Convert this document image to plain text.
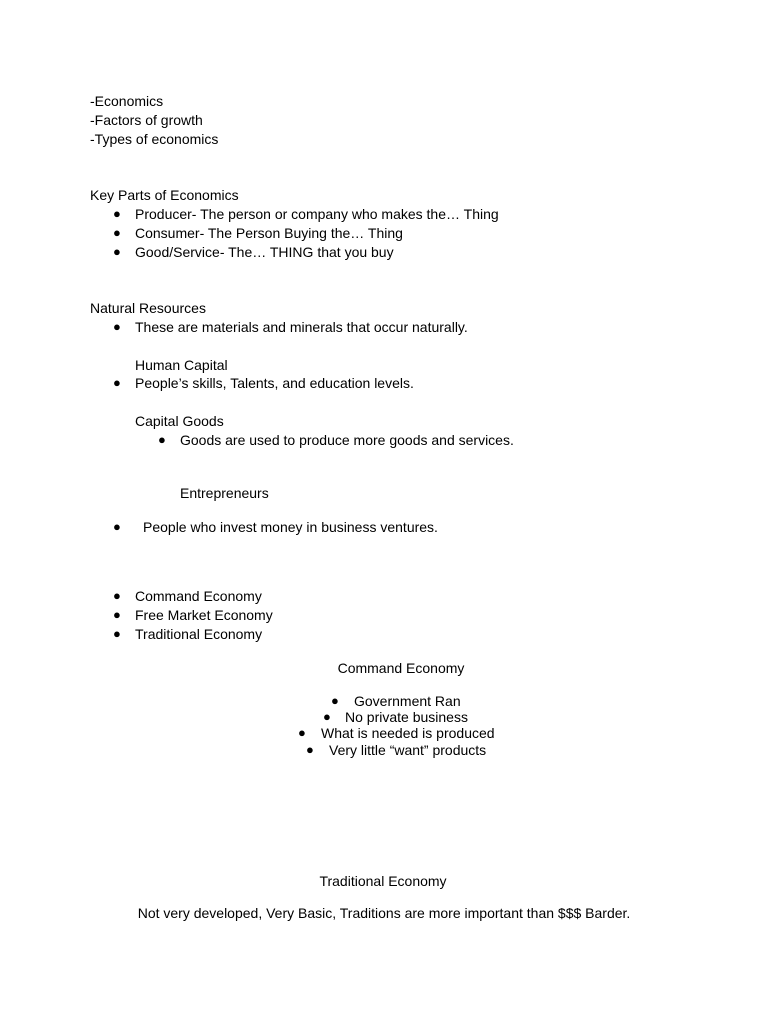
-Economics
-Factors of growth
-Types of economics
Key Parts of Economics
● Producer- The person or company who makes the… Thing
● Consumer- The Person Buying the… Thing
● Good/Service- The… THING that you buy
Natural Resources
● These are materials and minerals that occur naturally.
Human Capital
● People’s skills, Talents, and education levels.
Capital Goods
● Goods are used to produce more goods and services.
Entrepreneurs
● People who invest money in business ventures.
● Command Economy
● Free Market Economy
● Traditional Economy
Command Economy
● Government Ran
● No private business
● What is needed is produced
● Very little “want” products
Traditional Economy
Not very developed, Very Basic, Traditions are more important than $$$ Barder.
